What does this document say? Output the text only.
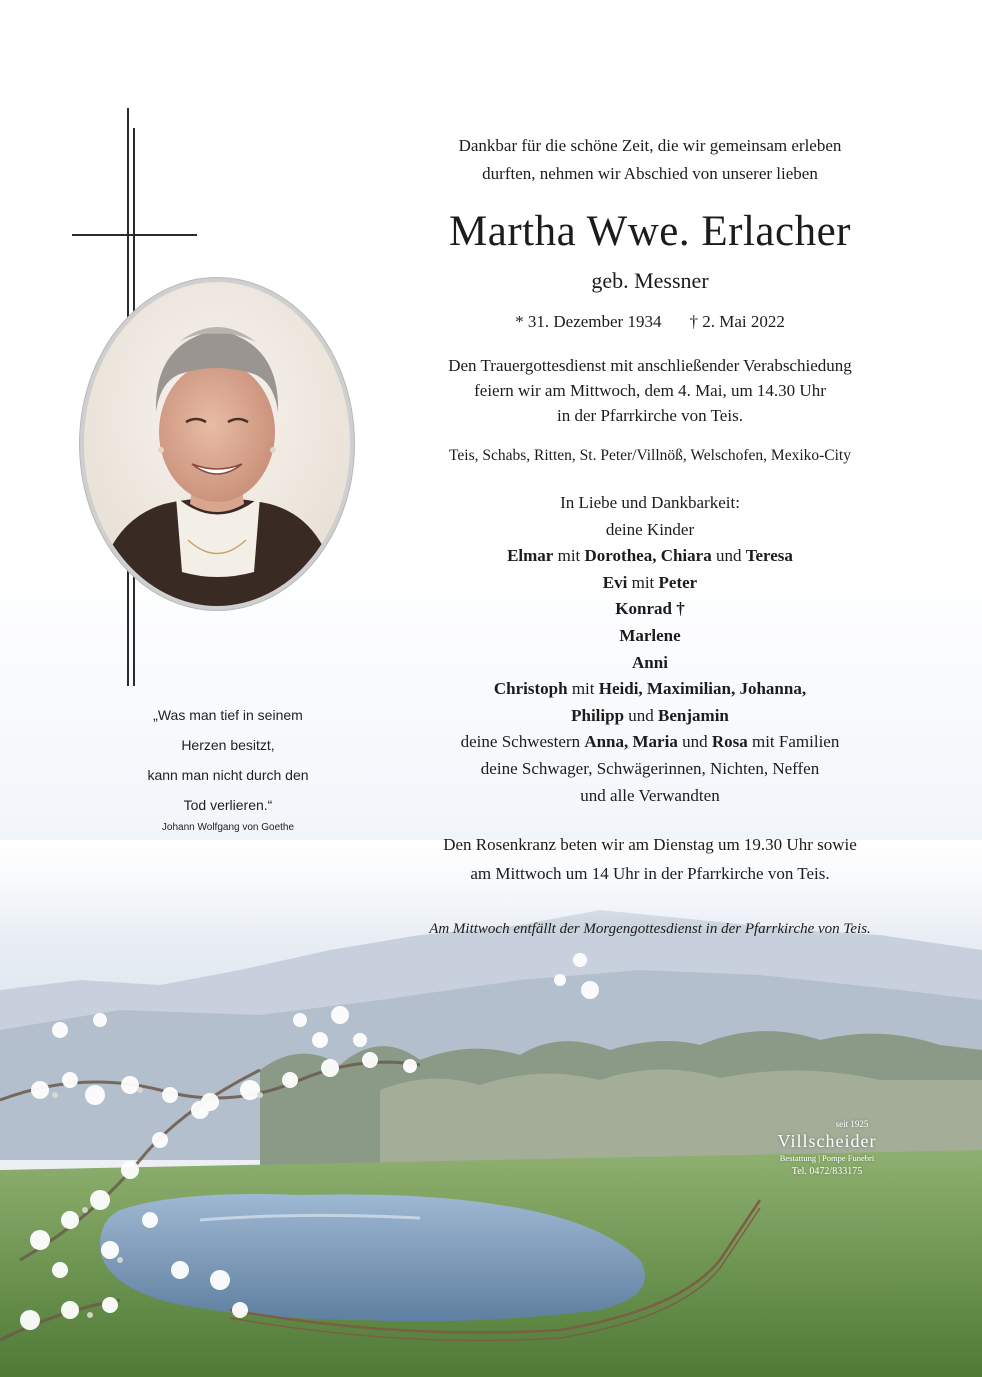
„Was man tief in seinem
Herzen besitzt,
kann man nicht durch den
Tod verlieren.“
Johann Wolfgang von Goethe
Dankbar für die schöne Zeit, die wir gemeinsam erleben
durften, nehmen wir Abschied von unserer lieben
Martha Wwe. Erlacher
geb. Messner
* 31. Dezember 1934 † 2. Mai 2022
Den Trauergottesdienst mit anschließender Verabschiedung
feiern wir am Mittwoch, dem 4. Mai, um 14.30 Uhr
in der Pfarrkirche von Teis.
Teis, Schabs, Ritten, St. Peter/Villnöß, Welschofen, Mexiko-City
In Liebe und Dankbarkeit:
deine Kinder
Elmar mit Dorothea, Chiara und Teresa
Evi mit Peter
Konrad †
Marlene
Anni
Christoph mit Heidi, Maximilian, Johanna,
Philipp und Benjamin
deine Schwestern Anna, Maria und Rosa mit Familien
deine Schwager, Schwägerinnen, Nichten, Neffen
und alle Verwandten
Den Rosenkranz beten wir am Dienstag um 19.30 Uhr sowie
am Mittwoch um 14 Uhr in der Pfarrkirche von Teis.
Am Mittwoch entfällt der Morgengottesdienst in der Pfarrkirche von Teis.
seit 1925
Villscheider
Bestattung | Pompe Funebri
Tel. 0472/833175
